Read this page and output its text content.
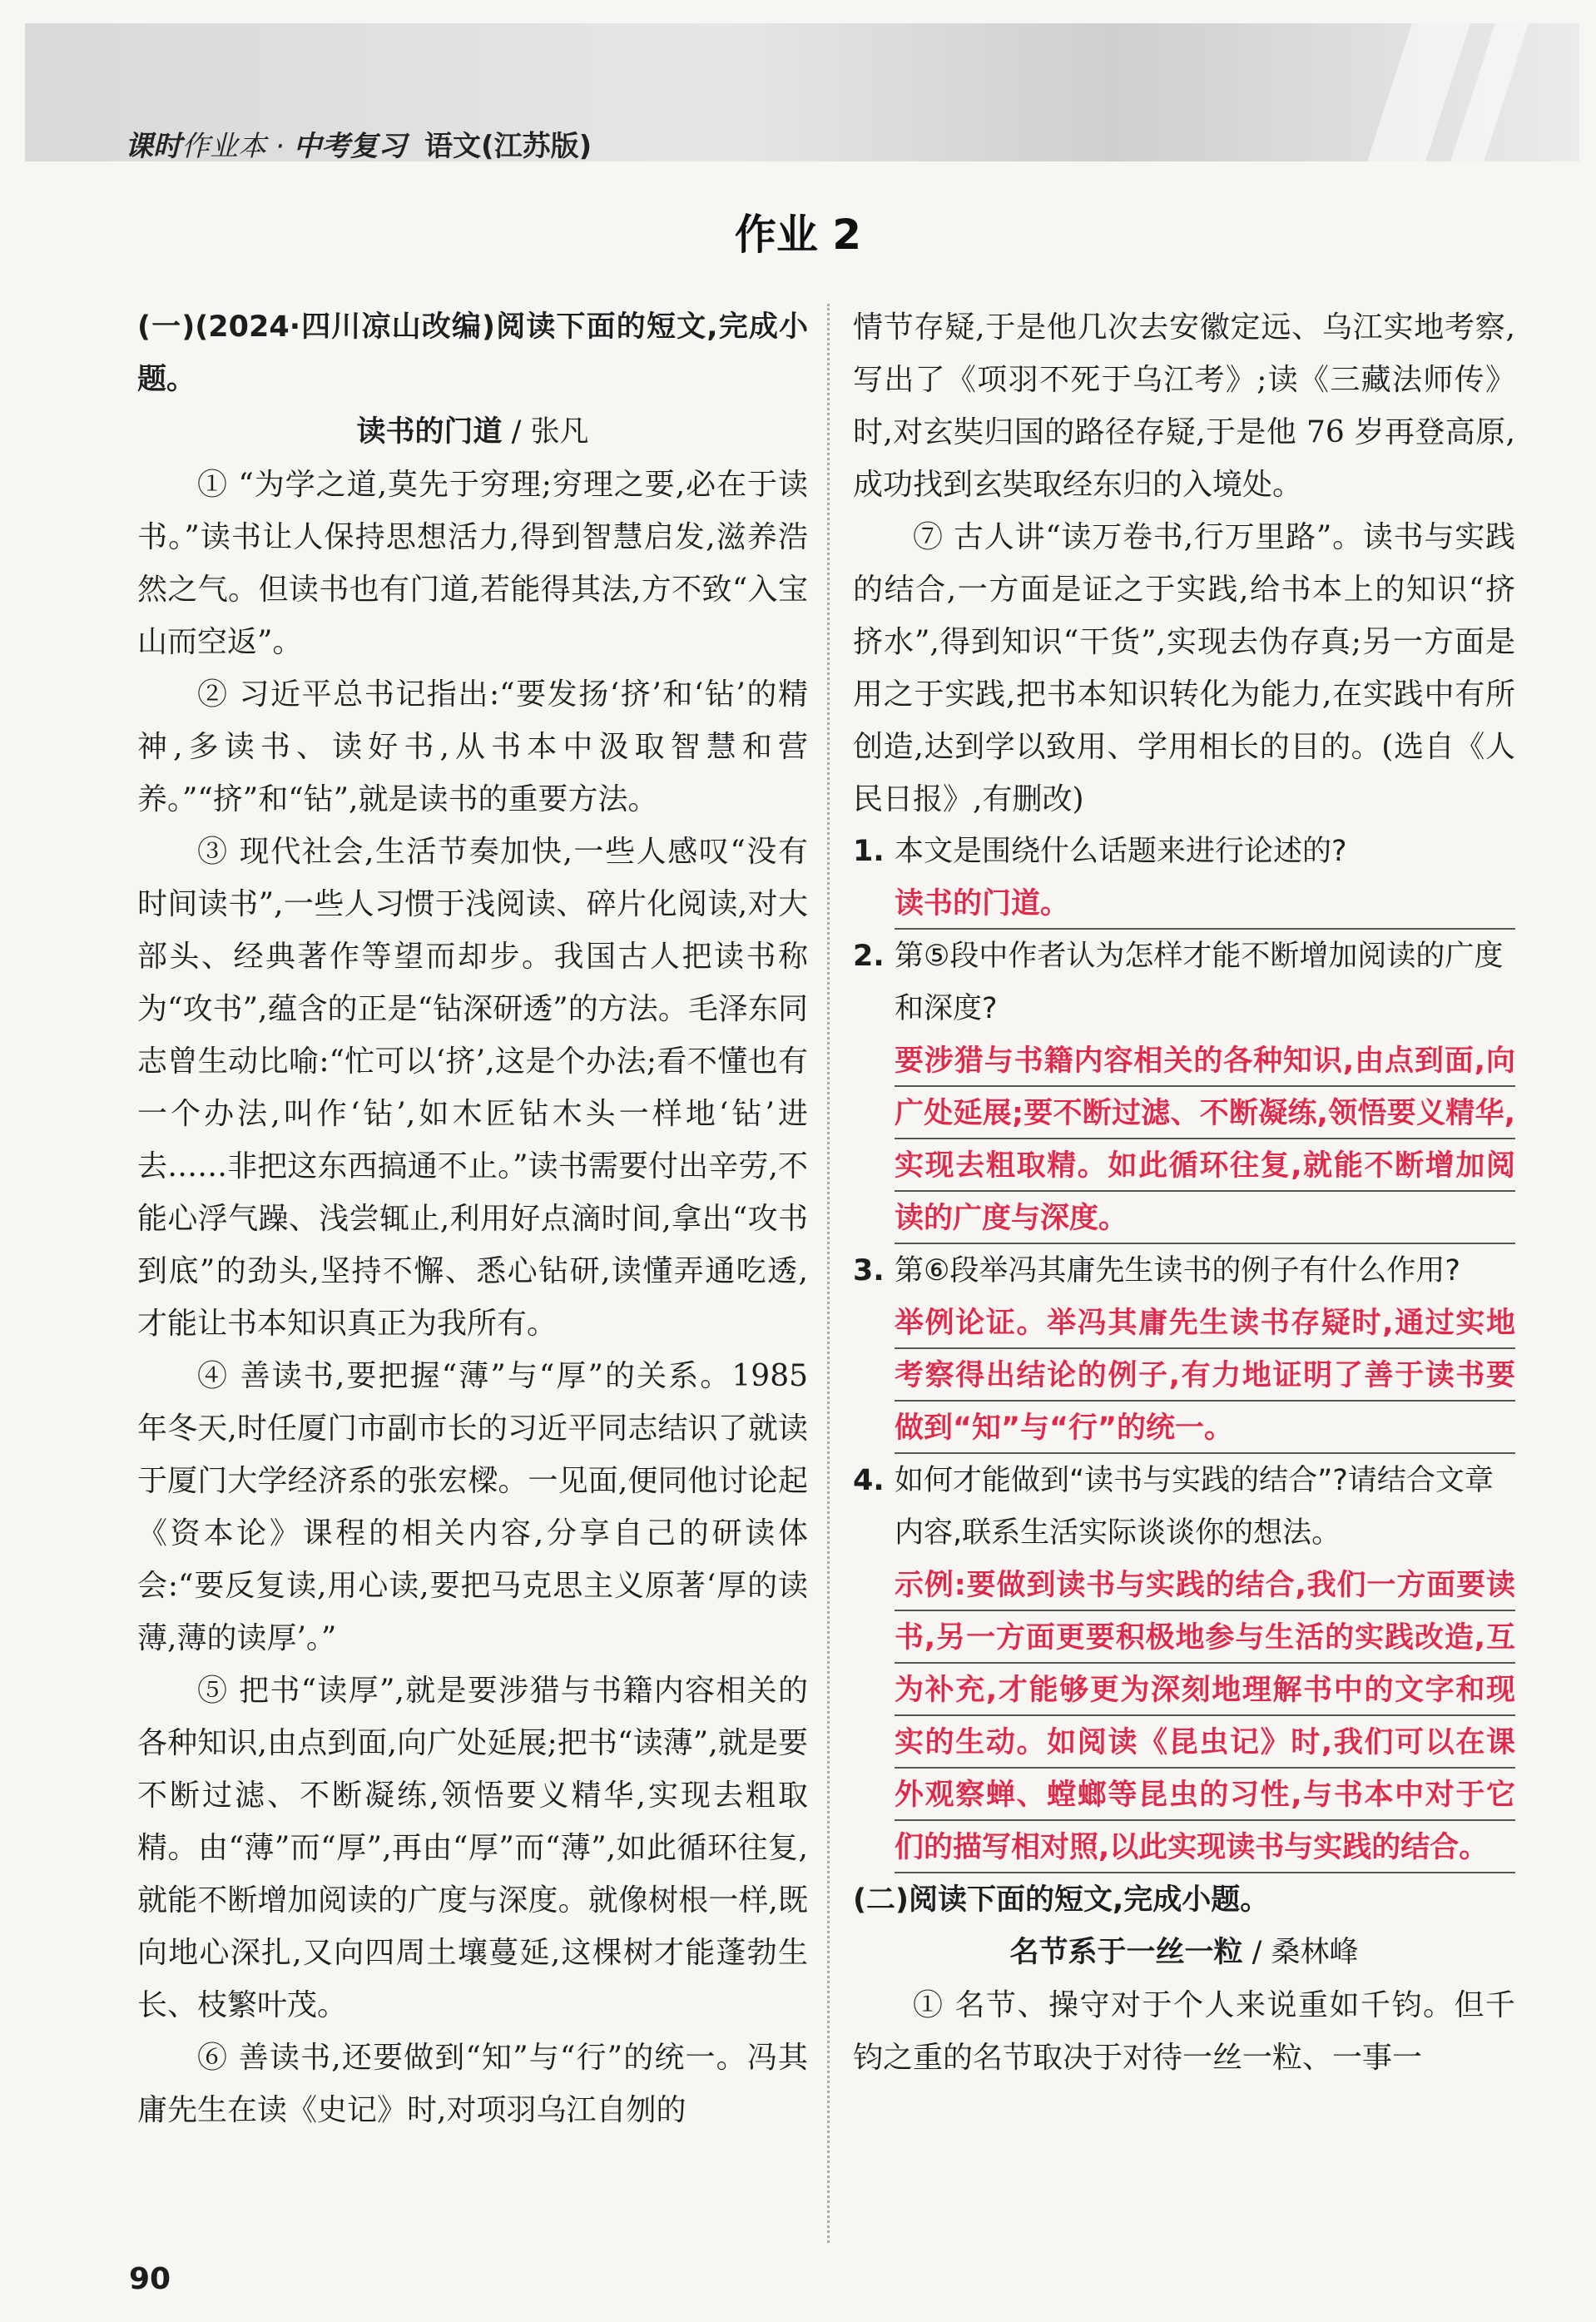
课时作业本 · 中考复习 语文(江苏版)
作业 2

(一)(2024·四川凉山改编)阅读下面的短文,完成小题。

读书的门道 / 张凡

① “为学之道,莫先于穷理;穷理之要,必在于读书。”读书让人保持思想活力,得到智慧启发,滋养浩然之气。但读书也有门道,若能得其法,方不致“入宝山而空返”。

② 习近平总书记指出:“要发扬‘挤’和‘钻’的精神,多读书、读好书,从书本中汲取智慧和营养。”“挤”和“钻”,就是读书的重要方法。

③ 现代社会,生活节奏加快,一些人感叹“没有时间读书”,一些人习惯于浅阅读、碎片化阅读,对大部头、经典著作等望而却步。我国古人把读书称为“攻书”,蕴含的正是“钻深研透”的方法。毛泽东同志曾生动比喻:“忙可以‘挤’,这是个办法;看不懂也有一个办法,叫作‘钻’,如木匠钻木头一样地‘钻’进去……非把这东西搞通不止。”读书需要付出辛劳,不能心浮气躁、浅尝辄止,利用好点滴时间,拿出“攻书到底”的劲头,坚持不懈、悉心钻研,读懂弄通吃透,才能让书本知识真正为我所有。

④ 善读书,要把握“薄”与“厚”的关系。1985 年冬天,时任厦门市副市长的习近平同志结识了就读于厦门大学经济系的张宏樑。一见面,便同他讨论起《资本论》课程的相关内容,分享自己的研读体会:“要反复读,用心读,要把马克思主义原著‘厚的读薄,薄的读厚’。”

⑤ 把书“读厚”,就是要涉猎与书籍内容相关的各种知识,由点到面,向广处延展;把书“读薄”,就是要不断过滤、不断凝练,领悟要义精华,实现去粗取精。由“薄”而“厚”,再由“厚”而“薄”,如此循环往复,就能不断增加阅读的广度与深度。就像树根一样,既向地心深扎,又向四周土壤蔓延,这棵树才能蓬勃生长、枝繁叶茂。

⑥ 善读书,还要做到“知”与“行”的统一。冯其庸先生在读《史记》时,对项羽乌江自刎的

情节存疑,于是他几次去安徽定远、乌江实地考察,写出了《项羽不死于乌江考》;读《三藏法师传》时,对玄奘归国的路径存疑,于是他 76 岁再登高原,成功找到玄奘取经东归的入境处。

⑦ 古人讲“读万卷书,行万里路”。读书与实践的结合,一方面是证之于实践,给书本上的知识“挤挤水”,得到知识“干货”,实现去伪存真;另一方面是用之于实践,把书本知识转化为能力,在实践中有所创造,达到学以致用、学用相长的目的。(选自《人民日报》,有删改)

1. 本文是围绕什么话题来进行论述的?

读书的门道。

2. 第⑤段中作者认为怎样才能不断增加阅读的广度和深度?

要涉猎与书籍内容相关的各种知识,由点到面,向广处延展;要不断过滤、不断凝练,领悟要义精华,实现去粗取精。如此循环往复,就能不断增加阅读的广度与深度。

3. 第⑥段举冯其庸先生读书的例子有什么作用?

举例论证。举冯其庸先生读书存疑时,通过实地考察得出结论的例子,有力地证明了善于读书要做到“知”与“行”的统一。

4. 如何才能做到“读书与实践的结合”?请结合文章内容,联系生活实际谈谈你的想法。

示例:要做到读书与实践的结合,我们一方面要读书,另一方面更要积极地参与生活的实践改造,互为补充,才能够更为深刻地理解书中的文字和现实的生动。如阅读《昆虫记》时,我们可以在课外观察蝉、螳螂等昆虫的习性,与书本中对于它们的描写相对照,以此实现读书与实践的结合。

(二)阅读下面的短文,完成小题。

名节系于一丝一粒 / 桑林峰

① 名节、操守对于个人来说重如千钧。但千钧之重的名节取决于对待一丝一粒、一事一

90
